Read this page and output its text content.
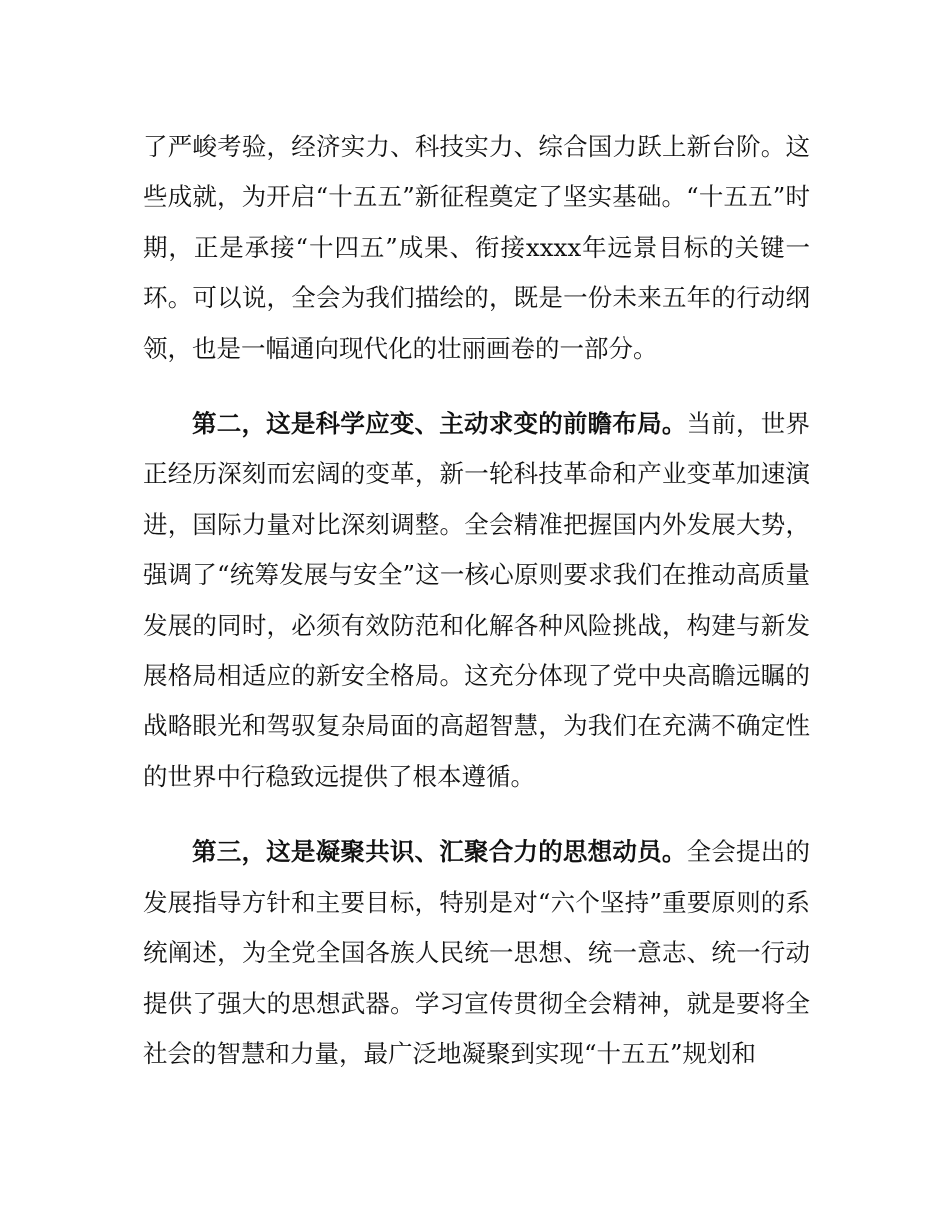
了严峻考验，经济实力、科技实力、综合国力跃上新台阶。这些成就，为开启“十五五”新征程奠定了坚实基础。“十五五”时期，正是承接“十四五”成果、衔接xxxx年远景目标的关键一环。可以说，全会为我们描绘的，既是一份未来五年的行动纲领，也是一幅通向现代化的壮丽画卷的一部分。

第二，这是科学应变、主动求变的前瞻布局。当前，世界正经历深刻而宏阔的变革，新一轮科技革命和产业变革加速演进，国际力量对比深刻调整。全会精准把握国内外发展大势，强调了“统筹发展与安全”这一核心原则要求我们在推动高质量发展的同时，必须有效防范和化解各种风险挑战，构建与新发展格局相适应的新安全格局。这充分体现了党中央高瞻远瞩的战略眼光和驾驭复杂局面的高超智慧，为我们在充满不确定性的世界中行稳致远提供了根本遵循。

第三，这是凝聚共识、汇聚合力的思想动员。全会提出的发展指导方针和主要目标，特别是对“六个坚持”重要原则的系统阐述，为全党全国各族人民统一思想、统一意志、统一行动提供了强大的思想武器。学习宣传贯彻全会精神，就是要将全社会的智慧和力量，最广泛地凝聚到实现“十五五”规划和
